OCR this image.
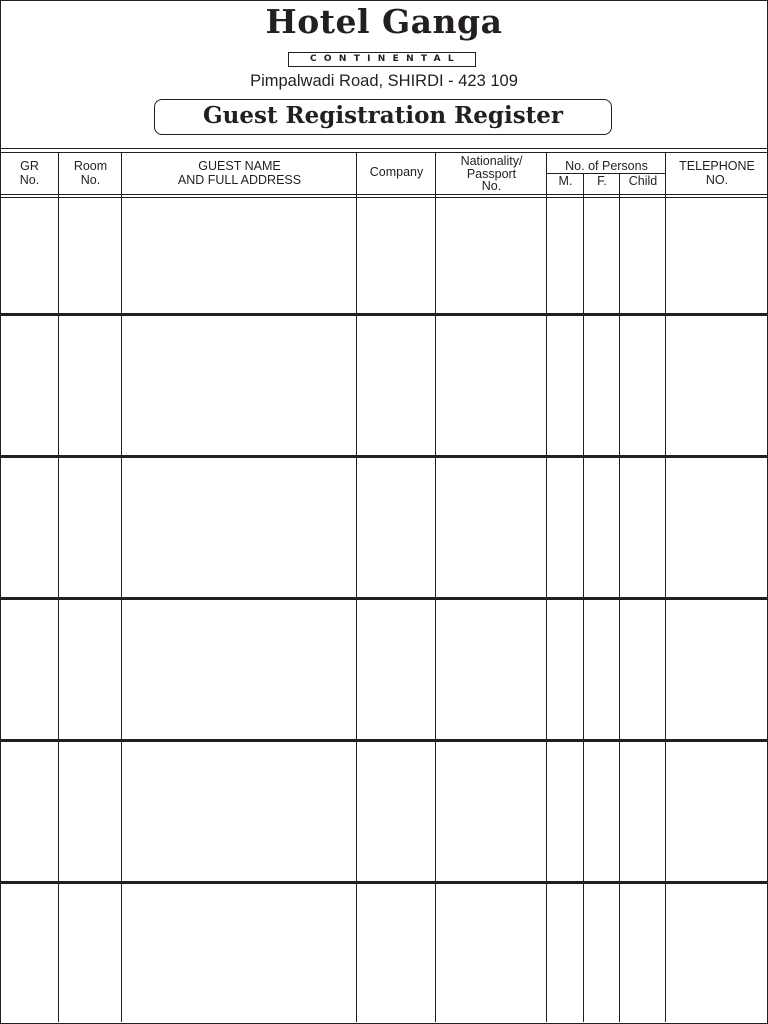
Hotel Ganga
CONTINENTAL
Pimpalwadi Road, SHIRDI - 423 109
Guest Registration Register
GR
No.
Room
No.
GUEST NAME
AND FULL ADDRESS
Company
Nationality/
Passport
No.
No. of Persons
M.	F.	Child
TELEPHONE
NO.
